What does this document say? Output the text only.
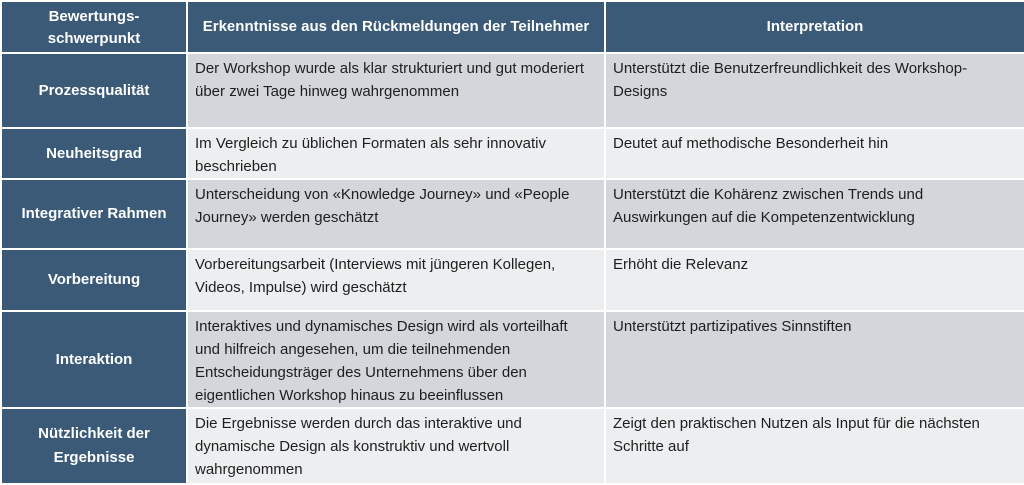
Bewertungs-
schwerpunkt	Erkenntnisse aus den Rückmeldungen der Teilnehmer	Interpretation
Prozessqualität	Der Workshop wurde als klar strukturiert und gut moderiert über zwei Tage hinweg wahrgenommen	Unterstützt die Benutzerfreundlichkeit des Workshop-Designs
Neuheitsgrad	Im Vergleich zu üblichen Formaten als sehr innovativ beschrieben	Deutet auf methodische Besonderheit hin
Integrativer Rahmen	Unterscheidung von «Knowledge Journey» und «People Journey» werden geschätzt	Unterstützt die Kohärenz zwischen Trends und Auswirkungen auf die Kompetenzentwicklung
Vorbereitung	Vorbereitungsarbeit (Interviews mit jüngeren Kollegen, Videos, Impulse) wird geschätzt	Erhöht die Relevanz
Interaktion	Interaktives und dynamisches Design wird als vorteilhaft und hilfreich angesehen, um die teilnehmenden Entscheidungsträger des Unternehmens über den eigentlichen Workshop hinaus zu beeinflussen	Unterstützt partizipatives Sinnstiften
Nützlichkeit der Ergebnisse	Die Ergebnisse werden durch das interaktive und dynamische Design als konstruktiv und wertvoll wahrgenommen	Zeigt den praktischen Nutzen als Input für die nächsten Schritte auf
